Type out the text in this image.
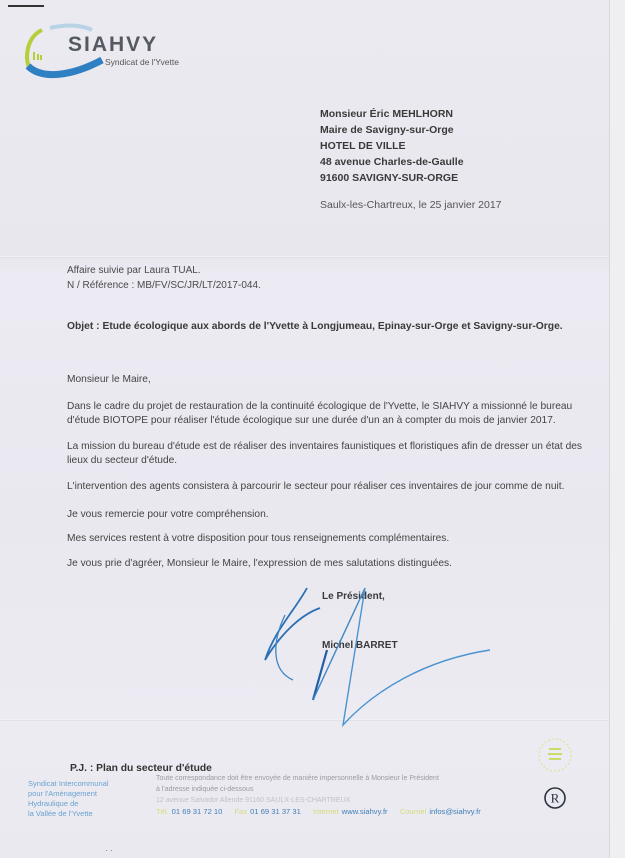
SIAHVY
Syndicat de l'Yvette
Monsieur Éric MEHLHORN
Maire de Savigny-sur-Orge
HOTEL DE VILLE
48 avenue Charles-de-Gaulle
91600 SAVIGNY-SUR-ORGE
Saulx-les-Chartreux, le 25 janvier 2017
Affaire suivie par Laura TUAL.
N / Référence : MB/FV/SC/JR/LT/2017-044.
Objet : Etude écologique aux abords de l'Yvette à Longjumeau, Epinay-sur-Orge et Savigny-sur-Orge.
Monsieur le Maire,
Dans le cadre du projet de restauration de la continuité écologique de l'Yvette, le SIAHVY a missionné le bureau d'étude BIOTOPE pour réaliser l'étude écologique sur une durée d'un an à compter du mois de janvier 2017.
La mission du bureau d'étude est de réaliser des inventaires faunistiques et floristiques afin de dresser un état des lieux du secteur d'étude.
L'intervention des agents consistera à parcourir le secteur pour réaliser ces inventaires de jour comme de nuit.
Je vous remercie pour votre compréhension.
Mes services restent à votre disposition pour tous renseignements complémentaires.
Je vous prie d'agréer, Monsieur le Maire, l'expression de mes salutations distinguées.
Le Président,
Michel BARRET
P.J. : Plan du secteur d'étude
Syndicat Intercommunal
pour l'Aménagement
Hydraulique de
la Vallée de l'Yvette
Toute correspondance doit être envoyée de manière impersonnelle à Monsieur le Président
à l'adresse indiquée ci-dessous
12 avenue Salvador Allende 91160 SAULX-LES-CHARTREUX
Tél. 01 69 31 72 10 Fax 01 69 31 37 31 Internet www.siahvy.fr Courriel infos@siahvy.fr
R
· ·
